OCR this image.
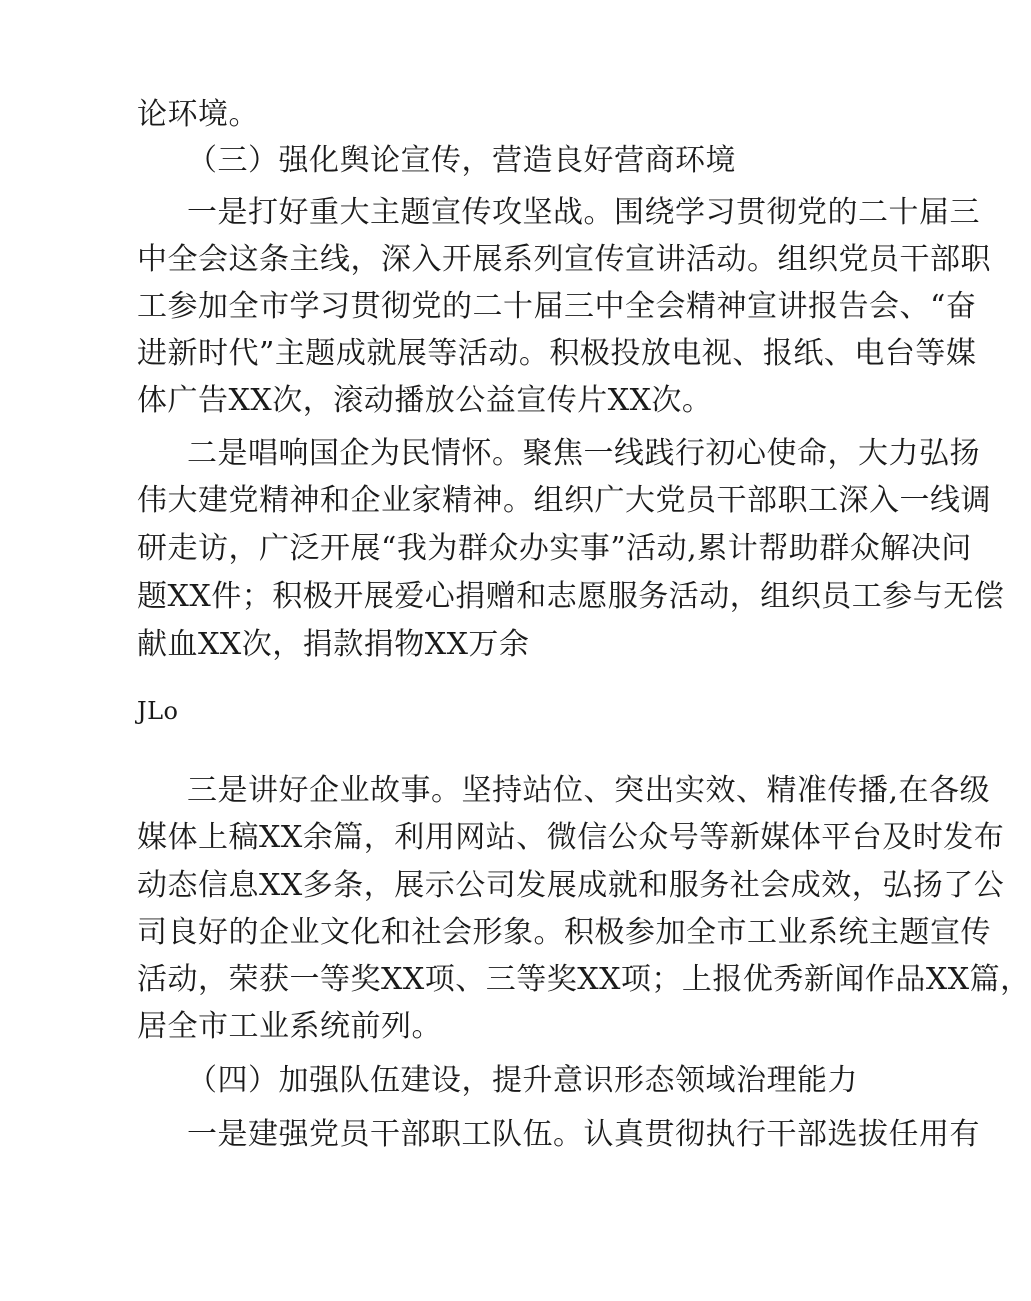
论环境。
（三）强化舆论宣传，营造良好营商环境
一是打好重大主题宣传攻坚战。围绕学习贯彻党的二十届三
中全会这条主线，深入开展系列宣传宣讲活动。组织党员干部职
工参加全市学习贯彻党的二十届三中全会精神宣讲报告会、“奋
进新时代”主题成就展等活动。积极投放电视、报纸、电台等媒
体广告XX次，滚动播放公益宣传片XX次。
二是唱响国企为民情怀。聚焦一线践行初心使命，大力弘扬
伟大建党精神和企业家精神。组织广大党员干部职工深入一线调
研走访，广泛开展“我为群众办实事”活动,累计帮助群众解决问
题XX件；积极开展爱心捐赠和志愿服务活动，组织员工参与无偿
献血XX次，捐款捐物XX万余
JLo
三是讲好企业故事。坚持站位、突出实效、精准传播,在各级
媒体上稿XX余篇，利用网站、微信公众号等新媒体平台及时发布
动态信息XX多条，展示公司发展成就和服务社会成效，弘扬了公
司良好的企业文化和社会形象。积极参加全市工业系统主题宣传
活动，荣获一等奖XX项、三等奖XX项；上报优秀新闻作品XX篇，
居全市工业系统前列。
（四）加强队伍建设，提升意识形态领域治理能力
一是建强党员干部职工队伍。认真贯彻执行干部选拔任用有
